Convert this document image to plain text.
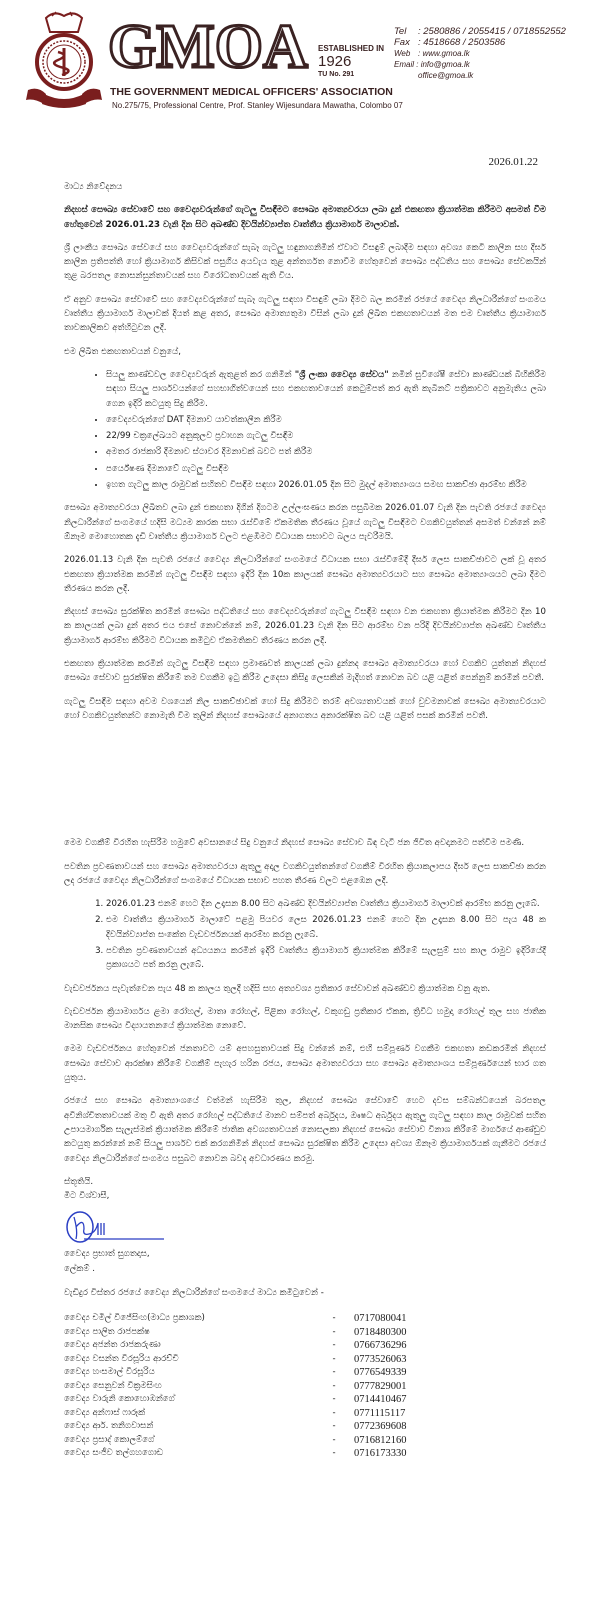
GMOA ESTABLISHED IN
1926
TU No. 291
THE GOVERNMENT MEDICAL OFFICERS' ASSOCIATION
No.275/75, Professional Centre, Prof. Stanley Wijesundara Mawatha, Colombo 07
Tel : 2580886 / 2055415 / 0718552552
Fax : 4518668 / 2503586
Web : www.gmoa.lk
Email : info@gmoa.lk
office@gmoa.lk
2026.01.22

මාධ්‍ය නිවේදනය

නිදහස් සෞඛ්‍ය සේවාවේ සහ වෛද්‍යවරුන්ගේ ගැටලු විසඳීමට සෞඛ්‍ය අමාත්‍යවරයා ලබා දුන් එකඟතා ක්‍රියාත්මක කිරීමට අසමත් වීම හේතුවෙන් 2026.01.23 වැනි දින සිට අඛණ්ඩ දිවයින්ව්‍යාප්ත වෘත්තීය ක්‍රියාමාර්ග මාලාවක්.

ශ්‍රී ලාංකීය සෞඛ්‍ය සේවයේ සහ වෛද්‍යවරුන්ගේ සැබෑ ගැටලු හඳුනාගනිමින් ඒවාට විසඳුම් ලබාදීම සඳහා අවශ්‍ය කෙටි කාලීන සහ දීර්ඝ කාලීන ප්‍රතිපත්ති හෝ ක්‍රියාමාර්ග කිසිවක් පසුගිය අයවැය තුළ අන්තර්ගත නොවීම හේතුවෙන් සෞඛ්‍ය පද්ධතිය සහ සෞඛ්‍ය සේවකයින් තුළ බරපතල නොසන්සුන්තාවයක් සහ විරෝධතාවයක් ඇති විය.

ඒ අනුව සෞඛ්‍ය සේවාවේ සහ වෛද්‍යවරුන්ගේ සැබෑ ගැටලු සඳහා විසඳුම් ලබා දීමට බල කරමින් රජයේ වෛද්‍ය නිලධාරීන්ගේ සංගමය වෘත්තීය ක්‍රියාමාර්ග මාලාවක් දියත් කළ අතර, සෞඛ්‍ය අමාත්‍යතුමා විසින් ලබා දුන් ලිඛිත එකඟතාවයන් මත එම වෘත්තීය ක්‍රියාමාර්ග තාවකාලිකව අත්හිටුවන ලදී.

එම ලිඛිත එකඟතාවයන් වනුයේ,

• සියලු කාණ්ඩවල වෛද්‍යවරුන් ඇතුළත් කර ගනිමින් "ශ්‍රී ලංකා වෛද්‍ය සේවය" නමින් සුවිශේෂී සේවා කාණ්ඩයක් බිහිකිරීම සඳහා සියලු පාර්ශවයන්ගේ සහභාගිත්වයෙන් සහ එකඟතාවයෙන් කෙටුම්පත් කර ඇති කැබිනට් පත්‍රිකාවට අනුමැතිය ලබා ගෙන ඉදිරි කටයුතු සිදු කිරීම.
• වෛද්‍යවරුන්ගේ DAT දීමනාව යාවත්කාලීන කිරීම
• 22/99 චක්‍රලේඛයට අනුකූලව ප්‍රවාහන ගැටලු විසඳීම
• අමතර රාජකාරි දීමනාව ස්ථාවර දීමනාවක් බවට පත් කිරීම
• පර්යේෂණ දීමනාවේ ගැටලු විසඳීම
• ඉහත ගැටලු කාල රාමුවක් සහිතව විසඳීම සඳහා 2026.01.05 දින සිට මුදල් අමාත්‍යාංශය සමඟ සාකච්ඡා ආරම්භ කිරීම

සෞඛ්‍ය අමාත්‍යවරයා ලිඛිතව ලබා දුන් එකඟතා දිගින් දිගටම උල්ලංඝණය කරන පසුබිමක 2026.01.07 වැනි දින පැවති රජයේ වෛද්‍ය නිලධාරීන්ගේ සංගමයේ හදිසි මධ්‍යම කාරක සභා රැස්වීමේ ඒකමතික තීරණය වූයේ ගැටලු විසඳීමට වගකිවයුත්තන් අසමත් වන්නේ නම් ඕනෑම මොහොතක දැඩි වෘත්තීය ක්‍රියාමාර්ග වලට එළඹීමට විධායක සභාවට බලය පැවරීමයි.

2026.01.13 වැනි දින පැවති රජයේ වෛද්‍ය නිලධාරීන්ගේ සංගමයේ විධායක සභා රැස්වීමේදී දීර්ඝ ලෙස සාකච්ඡාවට ලක් වූ අතර එකඟතා ක්‍රියාත්මක කරමින් ගැටලු විසඳීම සඳහා ඉදිරි දින 10ක කාලයක් සෞඛ්‍ය අමාත්‍යවරයාට සහ සෞඛ්‍ය අමාත්‍යාංශයට ලබා දීමට තීරණය කරන ලදී.

නිදහස් සෞඛ්‍ය සුරක්ෂිත කරමින් සෞඛ්‍ය පද්ධතියේ සහ වෛද්‍යවරුන්ගේ ගැටලු විසඳීම සඳහා වන එකඟතා ක්‍රියාත්මක කිරීමට දින 10 ක කාලයක් ලබා දුන් අතර එය එසේ නොවන්නේ නම්, 2026.01.23 වැනි දින සිට ආරම්භ වන පරිදි දිවයින්ව්‍යාප්ත අඛණ්ඩ වෘත්තීය ක්‍රියාමාර්ග ආරම්භ කිරීමට විධායක කමිටුව ඒකමතිකව තීරණය කරන ලදී.

එකඟතා ක්‍රියාත්මක කරමින් ගැටලු විසඳීම සඳහා ප්‍රමාණවත් කාලයක් ලබා දුන්නද සෞඛ්‍ය අමාත්‍යවරයා හෝ වගකිව යුත්තන් නිදහස් සෞඛ්‍ය සේවාව සුරක්ෂිත කිරීමේ තම වගකීම ඉටු කිරීම උදෙසා කිසිදු ලෙසකින් මැදිහත් නොවන බව යළි යළිත් පෙන්නුම් කරමින් පවතී.

ගැටලු විසඳීම සඳහා අවම වශයෙන් නිල සාකච්ඡාවක් හෝ සිදු කිරීමට තරම් අවශ්‍යතාවයක් හෝ වුවමනාවක් සෞඛ්‍ය අමාත්‍යවරයාට හෝ වගකිවයුත්තන්ට නොමැති වීම තුලින් නිදහස් සෞඛ්‍යයේ අනාගතය අනාරක්ෂිත බව යළි යළිත් පසක් කරමින් පවතී.

මෙම වගකීම් විරහිත හැසිරීම හමුවේ අවසානයේ සිදු වනුයේ නිදහස් සෞඛ්‍ය සේවාව බිඳ වැටී ජන ජිවිත අවදානමට පත්වීම පමණි.

පවතින ප්‍රවණතාවයන් සහ සෞඛ්‍ය අමාත්‍යවරයා ඇතුලු අදාල වගකිවයුත්තන්ගේ වගකීම් විරහිත ක්‍රියාකලාපය දීර්ඝ ලෙස සාකච්ඡා කරන ලද රජයේ වෛද්‍ය නිලධාරීන්ගේ සංගමයේ විධායක සභාව පහත තීරණ වලට එළඹෙන ලදී.

1. 2026.01.23 එනම් හෙට දින උදෑසන 8.00 සිට අඛණ්ඩ දිවයින්ව්‍යාප්ත වෘත්තීය ක්‍රියාමාර්ග මාලාවක් ආරම්භ කරනු ලැබේ.
2. එම වෘත්තීය ක්‍රියාමාර්ග මාලාවේ පළමු පියවර ලෙස 2026.01.23 එනම් හෙට දින උදෑසන 8.00 සිට පැය 48 ක දිවයින්ව්‍යාප්ත සංකේත වැඩවර්ජනයක් ආරම්භ කරනු ලැබේ.
3. පවතින ප්‍රවණතාවයන් අධ්‍යයනය කරමින් ඉදිරි වෘත්තීය ක්‍රියාමාර්ග ක්‍රියාත්මක කිරීමේ සැලසුම් සහ කාල රාමුව ඉදිරියේදී ප්‍රකාශයට පත් කරනු ලැබේ.

වැඩවර්ජනය පැවැත්වෙන පැය 48 ක කාලය තුලදී හදිසි සහ අත්‍යවශ්‍ය ප්‍රතිකාර සේවාවන් අඛණ්ඩව ක්‍රියාත්මක වනු ඇත.

වැඩවර්ජන ක්‍රියාමාර්ගය ළමා රෝහල්, මාතෘ රෝහල්, පිළිකා රෝහල්, වකුගඩු ප්‍රතිකාර ඒකක, ත්‍රිවිධ හමුදා රෝහල් තුල සහ ජාතික මානසික සෞඛ්‍ය විද්‍යායතනයේ ක්‍රියාත්මක නොවේ.

මෙම වැඩවර්ජනය හේතුවෙන් ජනතාවට යම් අපහසුතාවයක් සිදු වන්නේ නම්, එහි සම්පූර්ණ වගකීම එකඟතා කඩකරමින් නිදහස් සෞඛ්‍ය සේවාව ආරක්ෂා කිරීමේ වගකීම් පැහැර හරින රජය, සෞඛ්‍ය අමාත්‍යවරයා සහ සෞඛ්‍ය අමාත්‍යාංශය සම්පූර්ණයෙන් භාර ගත යුතුය.

රජයේ සහ සෞඛ්‍ය අමාත්‍යාංශයේ වත්මන් හැසිරීම තුල, නිදහස් සෞඛ්‍ය සේවාවේ හෙට දවස සම්බන්ධයෙන් බරපතල අවිනිශ්චිතතාවයක් මතු වී ඇති අතර රෝහල් පද්ධතියේ මානව සම්පත් අර්බුදය, ඖෂධ අර්බුදය ඇතුලු ගැටලු සඳහා කාල රාමුවක් සහිත උපායමාර්ගික සැලැස්මක් ක්‍රියාත්මක කිරීමේ ජාතික අවශ්‍යතාවයන් නොසලකා නිදහස් සෞඛ්‍ය සේවාව විනාශ කිරීමේ මාර්ගයේ ආණ්ඩුව කටයුතු කරන්නේ නම් සියලු පාර්ශව එක් කරගනිමින් නිදහස් සෞඛ්‍ය සුරක්ෂිත කිරීම උදෙසා අවශ්‍ය ඕනෑම ක්‍රියාමාර්ගයක් ගැනීමට රජයේ වෛද්‍ය නිලධාරීන්ගේ සංගමය පසුබට නොවන බවද අවධාරණය කරමු.

ස්තූතියි.
මිට විශ්වාසී,
වෛද්‍ය ප්‍රභාත් සුගතදාස,
ලේකම් .
වැඩිදුර විස්තර රජයේ වෛද්‍ය නිලධාරීන්ගේ සංගමයේ මාධ්‍ය කමිටුවෙන් -
වෛද්‍ය චමිල් විජේසිංහ(මාධ්‍ය ප්‍රකාශක)	-	0717080041
වෛද්‍ය පාලිත රාජපක්ෂ	-	0718480300
වෛද්‍ය අජන්ත රාජකරුණා	-	0766736296
වෛද්‍ය වසන්ත වීරසූරිය ආරච්චි	-	0773526063
වෛද්‍ය හංසමාල් වීරසූරිය	-	0776549339
වෛද්‍ය සෙනුවන් වික්‍රමසිංහ	-	0777829001
වෛද්‍ය වාරුනි කොහොඹන්ගේ	-	0714410467
වෛද්‍ය අන්ෆාස් ෆාරූක්	-	0771115117
වෛද්‍ය ආර්. තනිගවාසන්	-	0772369608
වෛද්‍ය ප්‍රසාද් කොලම්ගේ	-	0716812160
වෛද්‍ය සංජීව තල්ගහගොඩ	-	0716173330
